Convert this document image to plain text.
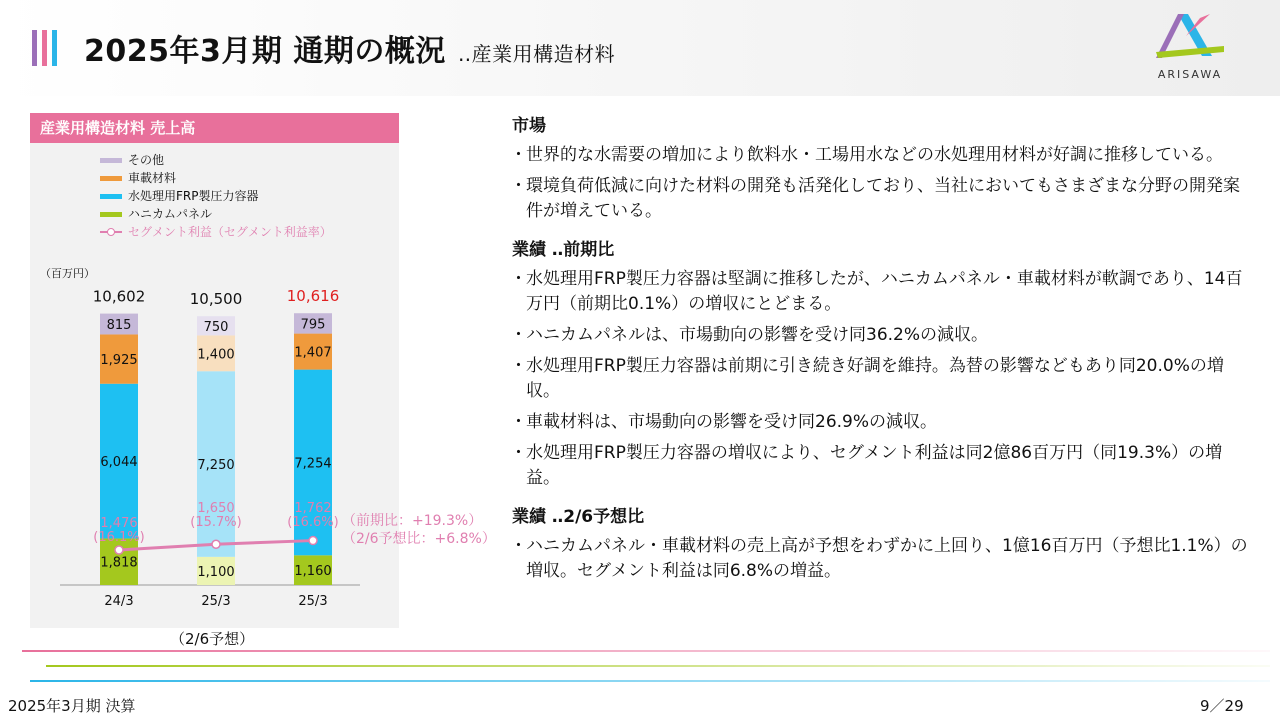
2025年3月期 通期の概況 ‥産業用構造材料
ARISAWA
産業用構造材料 売上高
その他
車載材料
水処理用FRP製圧力容器
ハニカムパネル
セグメント利益（セグメント利益率）
（百万円）
1,818
6,044
1,925
815
10,602
24/3
1,100
7,250
1,400
750
10,500
25/3
1,160
7,254
1,407
795
10,616
25/3
1,476
(16.1%)
1,650
(15.7%)
1,762
(16.6%) （前期比：+19.3%）
（2/6予想比：+6.8%）
（2/6予想）
市場
・ 世界的な水需要の増加により飲料水・工場用水などの水処理用材料が好調に推移している。
・ 環境負荷低減に向けた材料の開発も活発化しており、当社においてもさまざまな分野の開発案件が増えている。
業績 ‥前期比
・ 水処理用FRP製圧力容器は堅調に推移したが、ハニカムパネル・車載材料が軟調であり、14百万円（前期比0.1%）の増収にとどまる。
・ ハニカムパネルは、市場動向の影響を受け同36.2%の減収。
・ 水処理用FRP製圧力容器は前期に引き続き好調を維持。為替の影響などもあり同20.0%の増収。
・ 車載材料は、市場動向の影響を受け同26.9%の減収。
・ 水処理用FRP製圧力容器の増収により、セグメント利益は同2億86百万円（同19.3%）の増益。
業績 ‥2/6予想比
・ ハニカムパネル・車載材料の売上高が予想をわずかに上回り、1億16百万円（予想比1.1%）の増収。セグメント利益は同6.8%の増益。
2025年3月期 決算	9／29
